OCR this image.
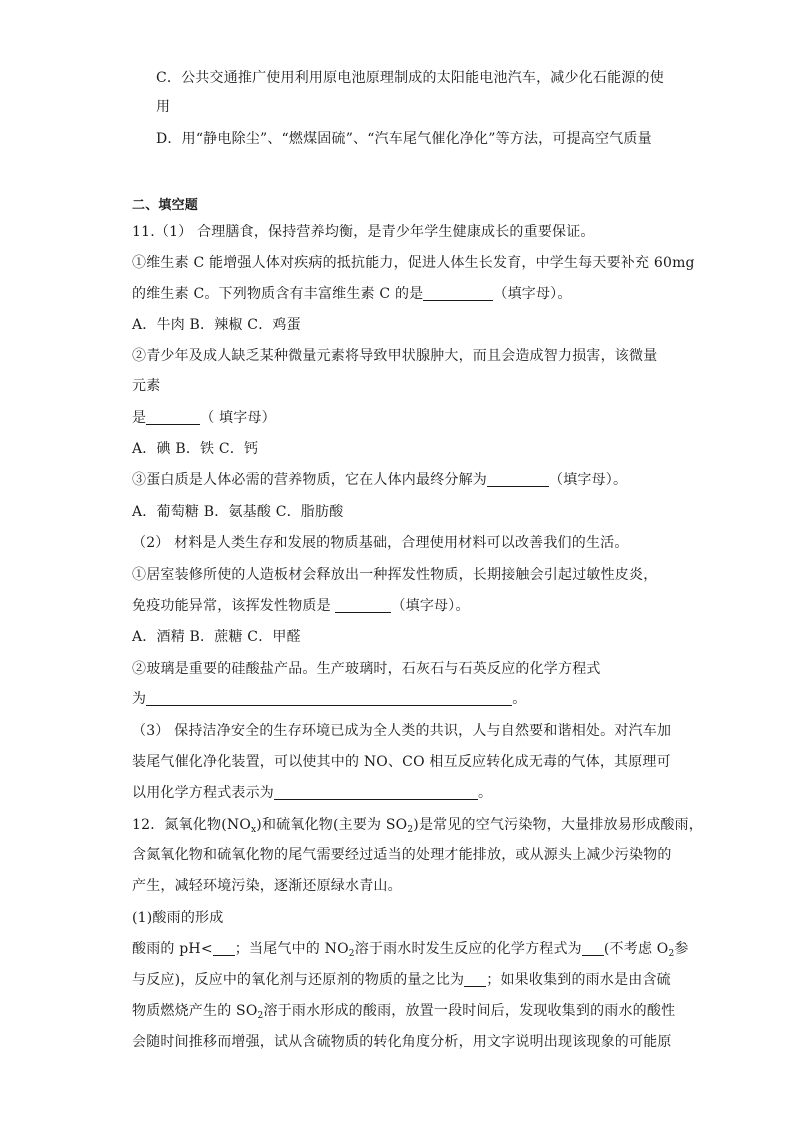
C．公共交通推广使用利用原电池原理制成的太阳能电池汽车，减少化石能源的使
用
D．用“静电除尘”、“燃煤固硫”、“汽车尾气催化净化”等方法，可提高空气质量
二、填空题
11.（1） 合理膳食，保持营养均衡，是青少年学生健康成长的重要保证。
①维生素 C 能增强人体对疾病的抵抗能力，促进人体生长发育，中学生每天要补充 60mg
的维生素 C。下列物质含有丰富维生素 C 的是	（填字母）。
A．牛肉 B．辣椒 C．鸡蛋
②青少年及成人缺乏某种微量元素将导致甲状腺肿大，而且会造成智力损害，该微量
元素
是	（ 填字母）
A．碘 B．铁 C．钙
③蛋白质是人体必需的营养物质，它在人体内最终分解为	（填字母）。
A．葡萄糖 B．氨基酸 C．脂肪酸
（2） 材料是人类生存和发展的物质基础，合理使用材料可以改善我们的生活。
①居室装修所使的人造板材会释放出一种挥发性物质，长期接触会引起过敏性皮炎，
免疫功能异常，该挥发性物质是	（填字母）。
A．酒精 B．蔗糖 C．甲醛
②玻璃是重要的硅酸盐产品。生产玻璃时，石灰石与石英反应的化学方程式
为	。
（3） 保持洁净安全的生存环境已成为全人类的共识，人与自然要和谐相处。对汽车加
装尾气催化净化装置，可以使其中的 NO、CO 相互反应转化成无毒的气体，其原理可
以用化学方程式表示为	。
12．氮氧化物$(NO_x)$和硫氧化物(主要为 $SO_2$)是常见的空气污染物，大量排放易形成酸雨，
含氮氧化物和硫氧化物的尾气需要经过适当的处理才能排放，或从源头上减少污染物的
产生，减轻环境污染，逐渐还原绿水青山。
(1)酸雨的形成
酸雨的 pH< ；当尾气中的 $NO_2$溶于雨水时发生反应的化学方程式为 (不考虑 $O_2$参
与反应)，反应中的氧化剂与还原剂的物质的量之比为 ；如果收集到的雨水是由含硫
物质燃烧产生的 $SO_2$溶于雨水形成的酸雨，放置一段时间后，发现收集到的雨水的酸性
会随时间推移而增强，试从含硫物质的转化角度分析，用文字说明出现该现象的可能原
